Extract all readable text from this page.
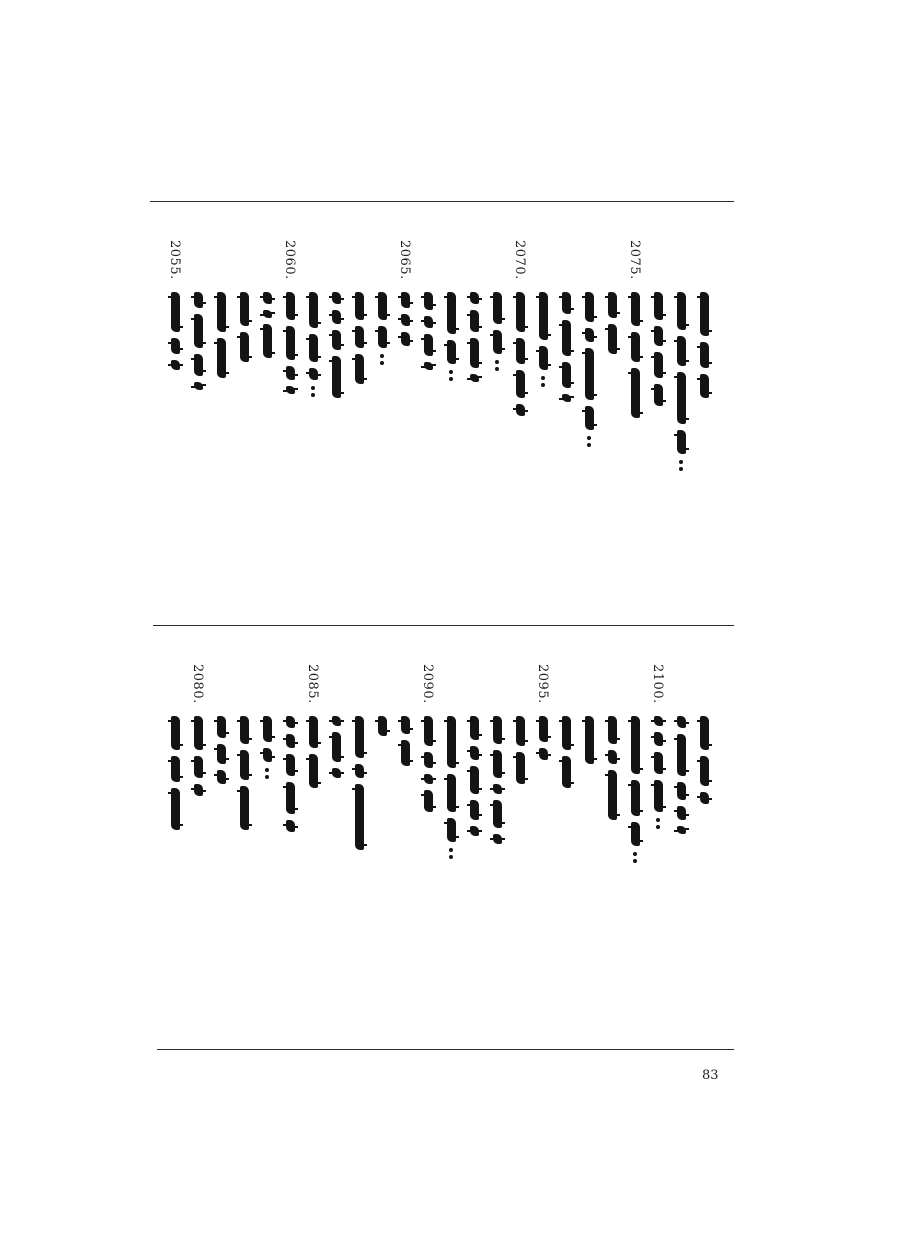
2075.
2070.
2065.
2060.
2055.
2100.
2095.
2090.
2085.
2080.
83
